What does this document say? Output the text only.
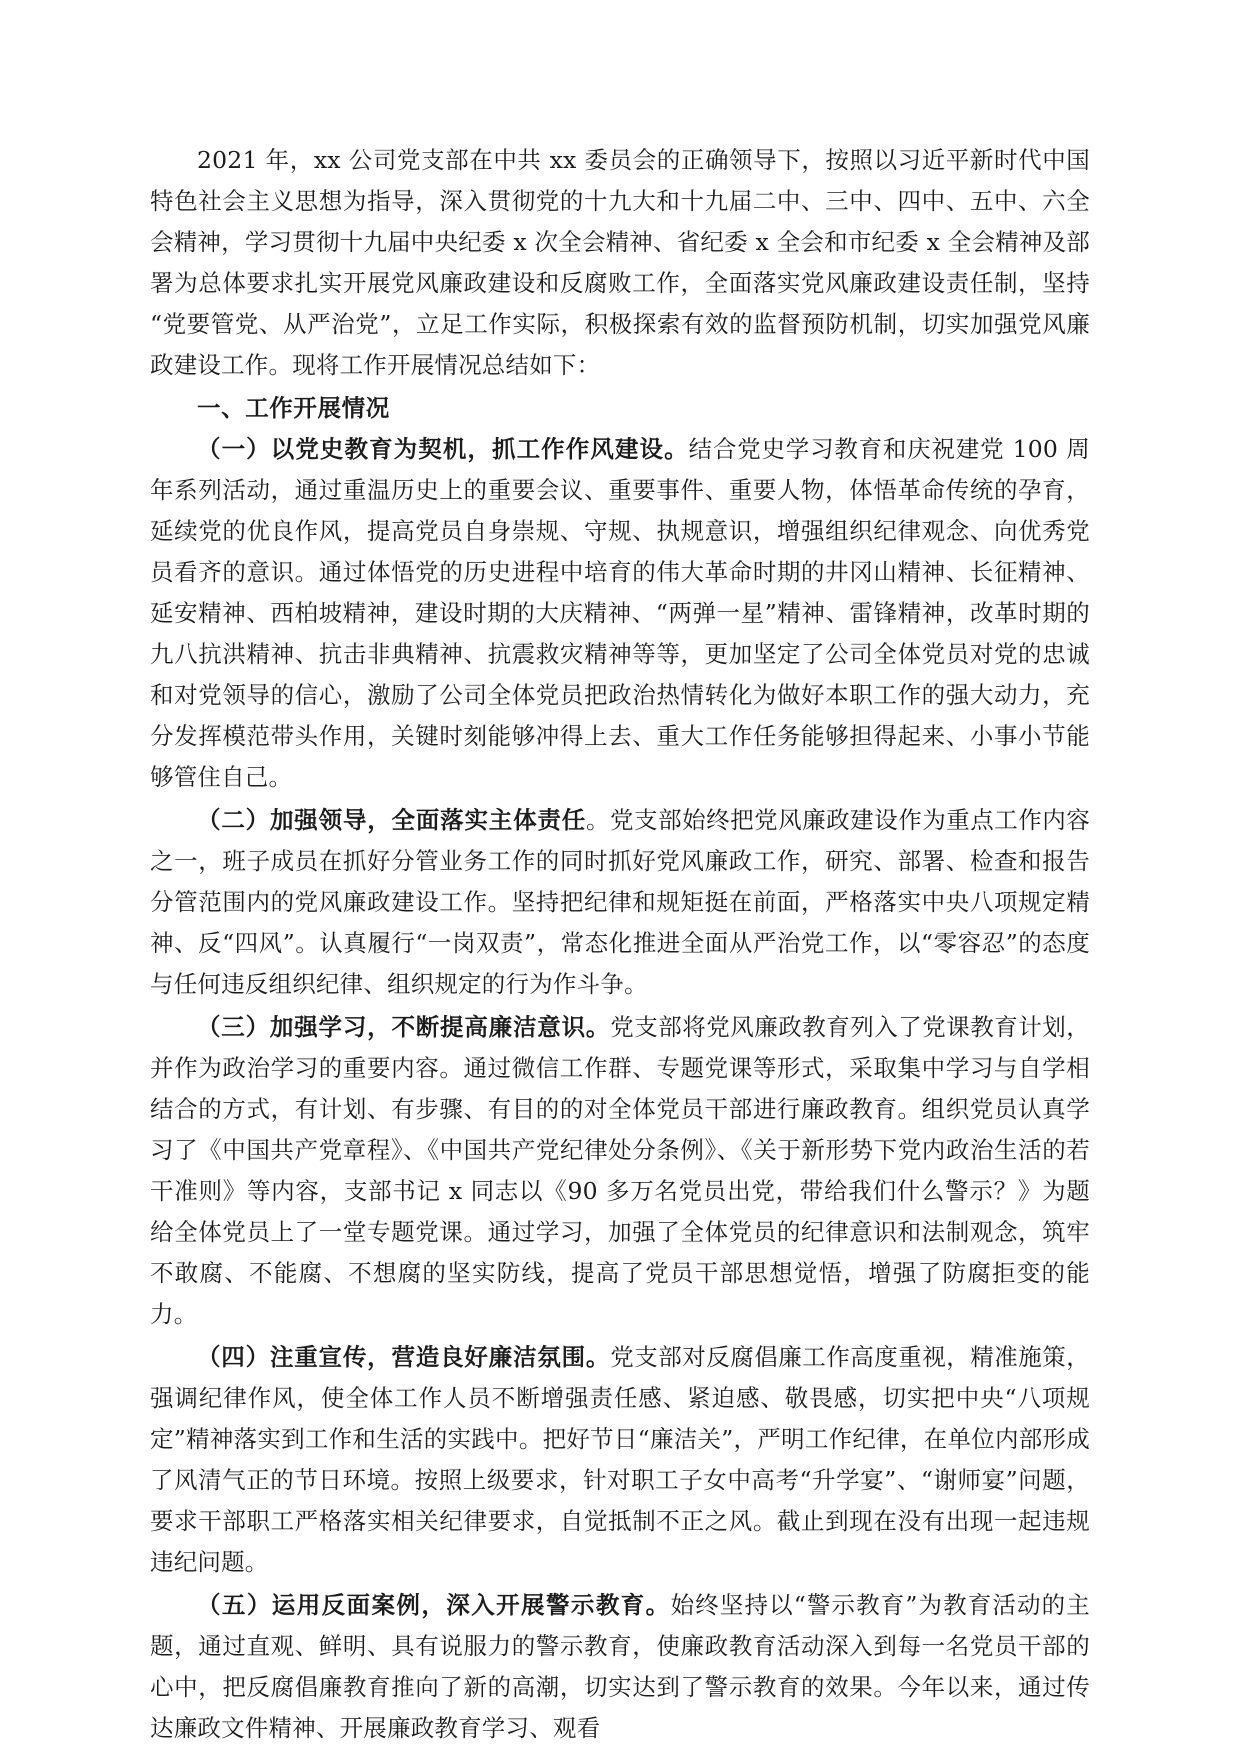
2021 年，xx 公司党支部在中共 xx 委员会的正确领导下，按照以习近平新时代中国特色社会主义思想为指导，深入贯彻党的十九大和十九届二中、三中、四中、五中、六全会精神，学习贯彻十九届中央纪委 x 次全会精神、省纪委 x 全会和市纪委 x 全会精神及部署为总体要求扎实开展党风廉政建设和反腐败工作，全面落实党风廉政建设责任制，坚持“党要管党、从严治党”，立足工作实际，积极探索有效的监督预防机制，切实加强党风廉政建设工作。现将工作开展情况总结如下：

一、工作开展情况

（一）以党史教育为契机，抓工作作风建设。结合党史学习教育和庆祝建党 100 周年系列活动，通过重温历史上的重要会议、重要事件、重要人物，体悟革命传统的孕育，延续党的优良作风，提高党员自身崇规、守规、执规意识，增强组织纪律观念、向优秀党员看齐的意识。通过体悟党的历史进程中培育的伟大革命时期的井冈山精神、长征精神、延安精神、西柏坡精神，建设时期的大庆精神、“两弹一星”精神、雷锋精神，改革时期的九八抗洪精神、抗击非典精神、抗震救灾精神等等，更加坚定了公司全体党员对党的忠诚和对党领导的信心，激励了公司全体党员把政治热情转化为做好本职工作的强大动力，充分发挥模范带头作用，关键时刻能够冲得上去、重大工作任务能够担得起来、小事小节能够管住自己。

（二）加强领导，全面落实主体责任。党支部始终把党风廉政建设作为重点工作内容之一，班子成员在抓好分管业务工作的同时抓好党风廉政工作，研究、部署、检查和报告分管范围内的党风廉政建设工作。坚持把纪律和规矩挺在前面，严格落实中央八项规定精神、反“四风”。认真履行“一岗双责”，常态化推进全面从严治党工作，以“零容忍”的态度与任何违反组织纪律、组织规定的行为作斗争。

（三）加强学习，不断提高廉洁意识。党支部将党风廉政教育列入了党课教育计划，并作为政治学习的重要内容。通过微信工作群、专题党课等形式，采取集中学习与自学相结合的方式，有计划、有步骤、有目的的对全体党员干部进行廉政教育。组织党员认真学习了《中国共产党章程》、《中国共产党纪律处分条例》、《关于新形势下党内政治生活的若干准则》等内容，支部书记 x 同志以《90 多万名党员出党，带给我们什么警示？》为题给全体党员上了一堂专题党课。通过学习，加强了全体党员的纪律意识和法制观念，筑牢不敢腐、不能腐、不想腐的坚实防线，提高了党员干部思想觉悟，增强了防腐拒变的能力。

（四）注重宣传，营造良好廉洁氛围。党支部对反腐倡廉工作高度重视，精准施策，强调纪律作风，使全体工作人员不断增强责任感、紧迫感、敬畏感，切实把中央“八项规定”精神落实到工作和生活的实践中。把好节日“廉洁关”，严明工作纪律，在单位内部形成了风清气正的节日环境。按照上级要求，针对职工子女中高考“升学宴”、“谢师宴”问题，要求干部职工严格落实相关纪律要求，自觉抵制不正之风。截止到现在没有出现一起违规违纪问题。

（五）运用反面案例，深入开展警示教育。始终坚持以“警示教育”为教育活动的主题，通过直观、鲜明、具有说服力的警示教育，使廉政教育活动深入到每一名党员干部的心中，把反腐倡廉教育推向了新的高潮，切实达到了警示教育的效果。今年以来，通过传达廉政文件精神、开展廉政教育学习、观看
